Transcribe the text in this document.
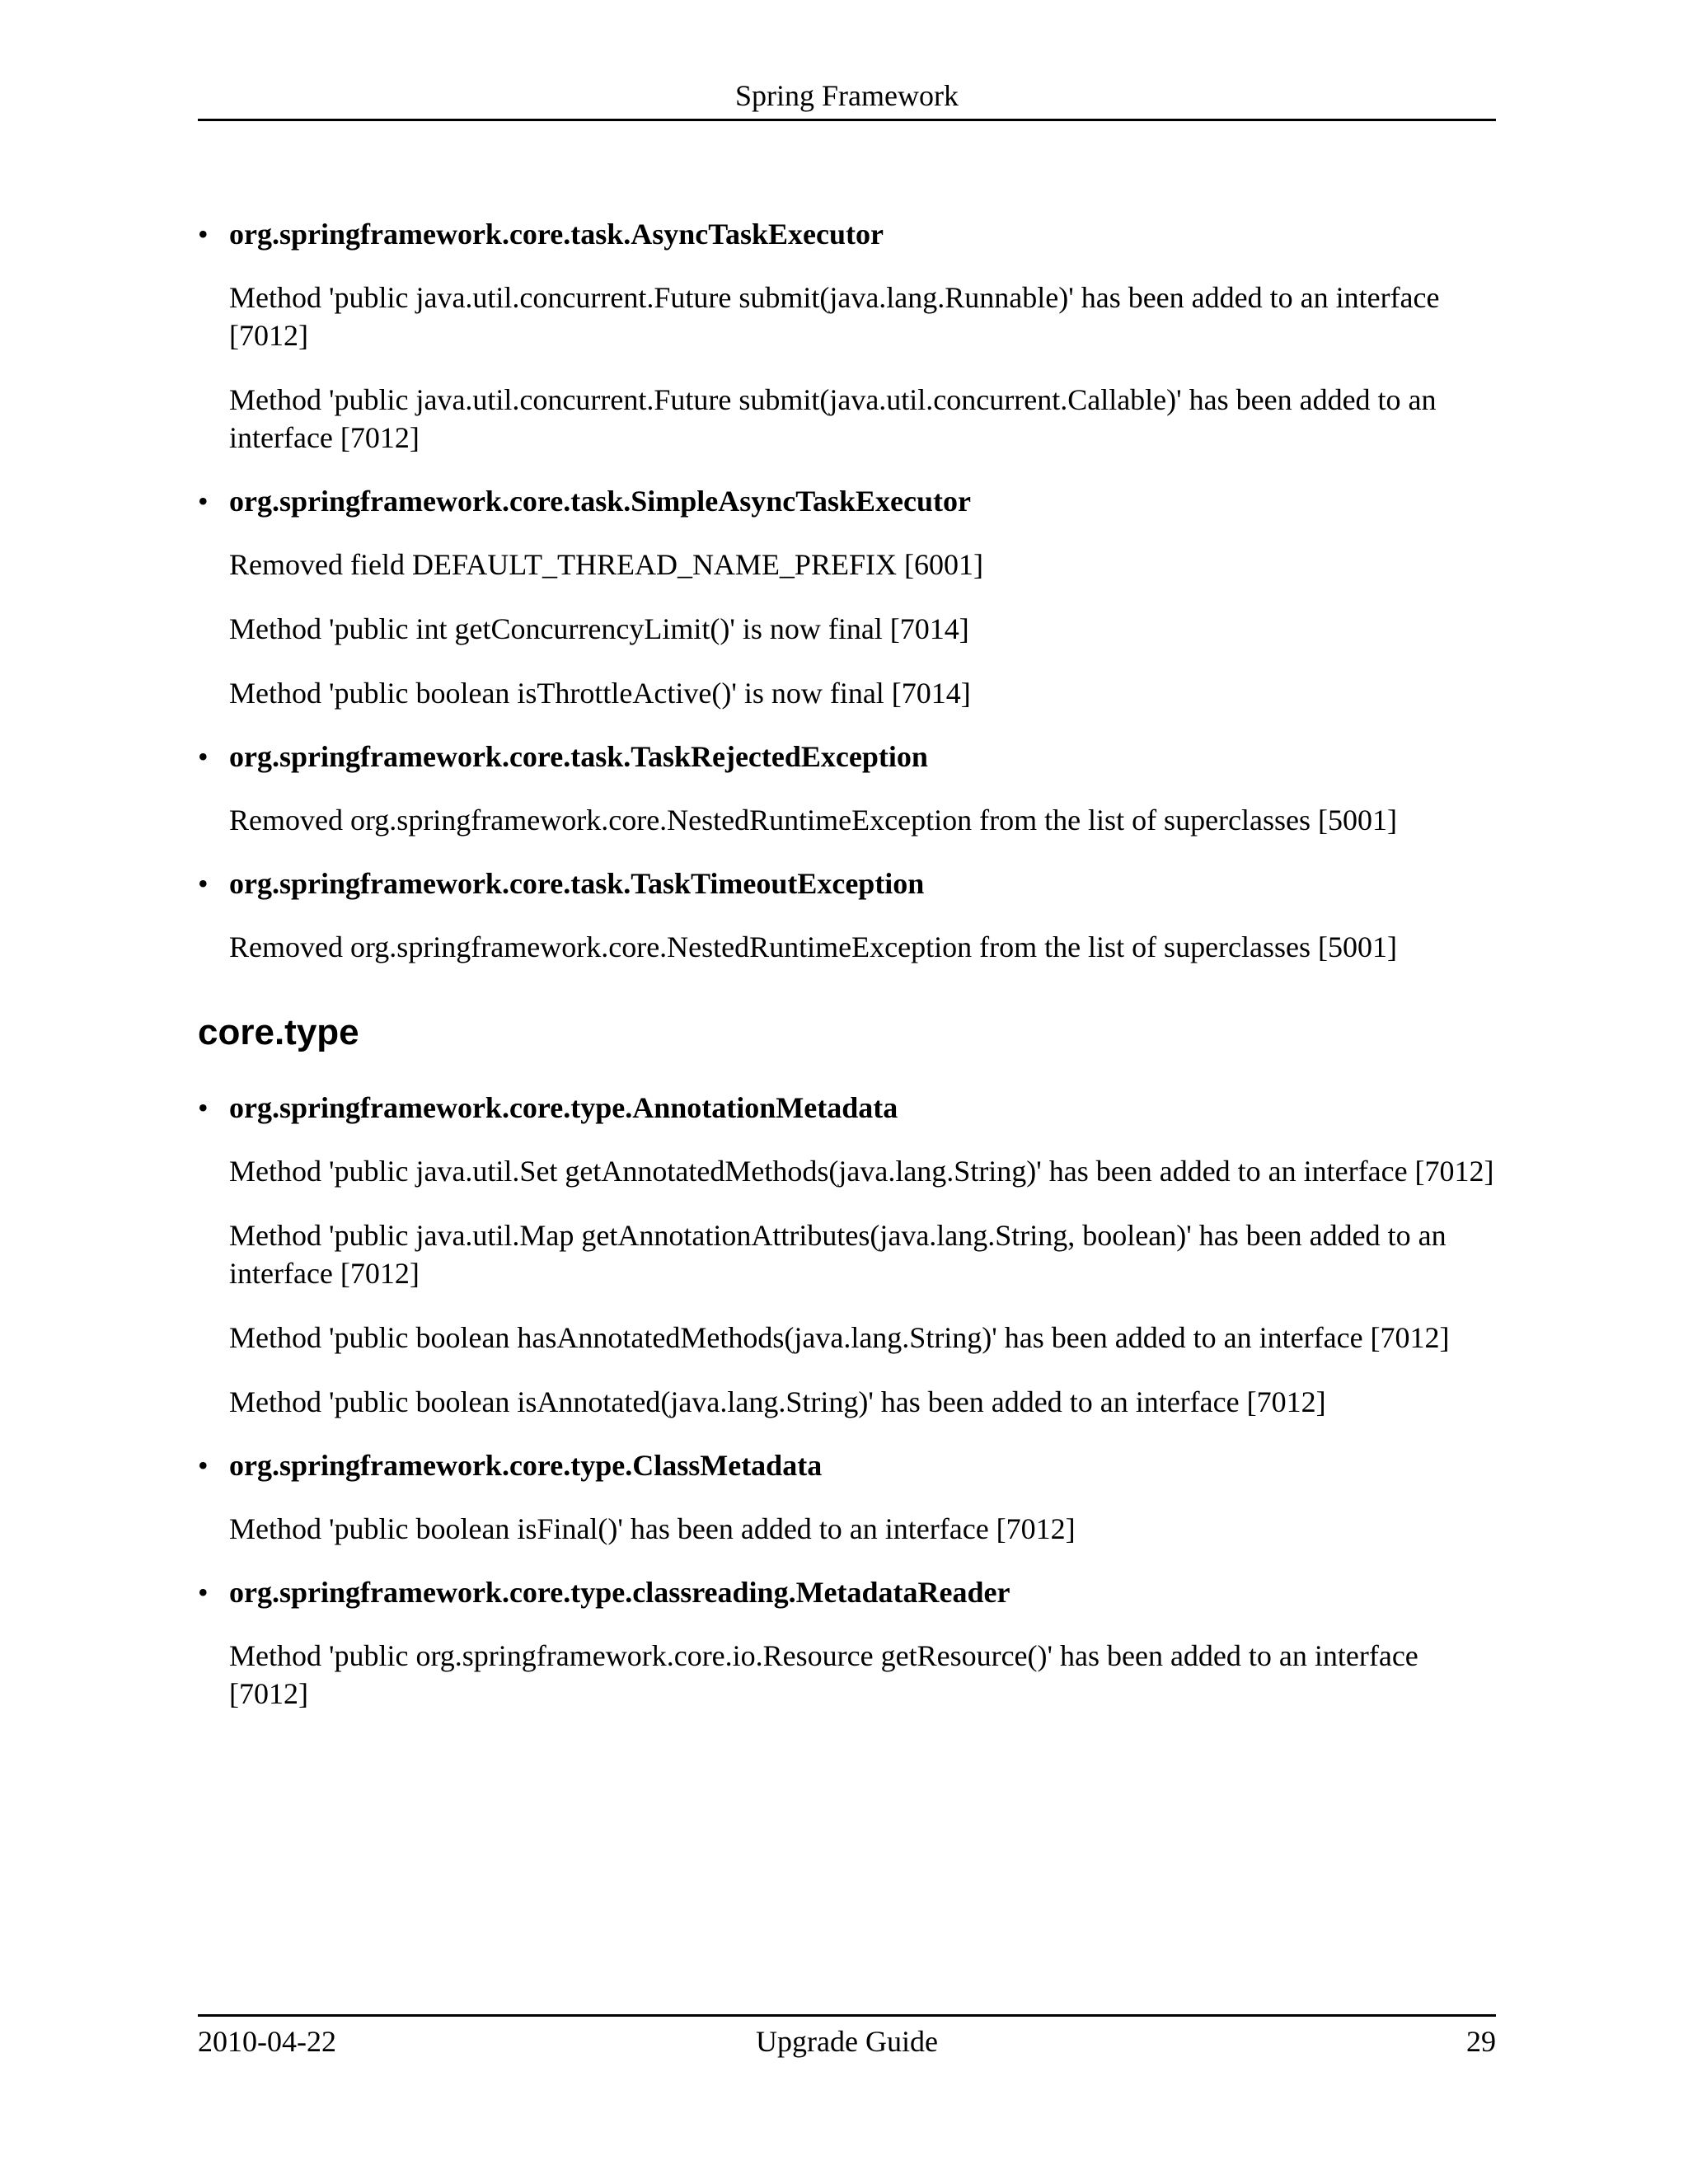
Spring Framework
• org.springframework.core.task.AsyncTaskExecutor

Method 'public java.util.concurrent.Future submit(java.lang.Runnable)' has been added to an interface [7012]

Method 'public java.util.concurrent.Future submit(java.util.concurrent.Callable)' has been added to an interface [7012]

• org.springframework.core.task.SimpleAsyncTaskExecutor

Removed field DEFAULT_THREAD_NAME_PREFIX [6001]

Method 'public int getConcurrencyLimit()' is now final [7014]

Method 'public boolean isThrottleActive()' is now final [7014]

• org.springframework.core.task.TaskRejectedException

Removed org.springframework.core.NestedRuntimeException from the list of superclasses [5001]

• org.springframework.core.task.TaskTimeoutException

Removed org.springframework.core.NestedRuntimeException from the list of superclasses [5001]

core.type
• org.springframework.core.type.AnnotationMetadata

Method 'public java.util.Set getAnnotatedMethods(java.lang.String)' has been added to an interface [7012]

Method 'public java.util.Map getAnnotationAttributes(java.lang.String, boolean)' has been added to an interface [7012]

Method 'public boolean hasAnnotatedMethods(java.lang.String)' has been added to an interface [7012]

Method 'public boolean isAnnotated(java.lang.String)' has been added to an interface [7012]

• org.springframework.core.type.ClassMetadata

Method 'public boolean isFinal()' has been added to an interface [7012]

• org.springframework.core.type.classreading.MetadataReader

Method 'public org.springframework.core.io.Resource getResource()' has been added to an interface [7012]

2010-04-22	Upgrade Guide	29
